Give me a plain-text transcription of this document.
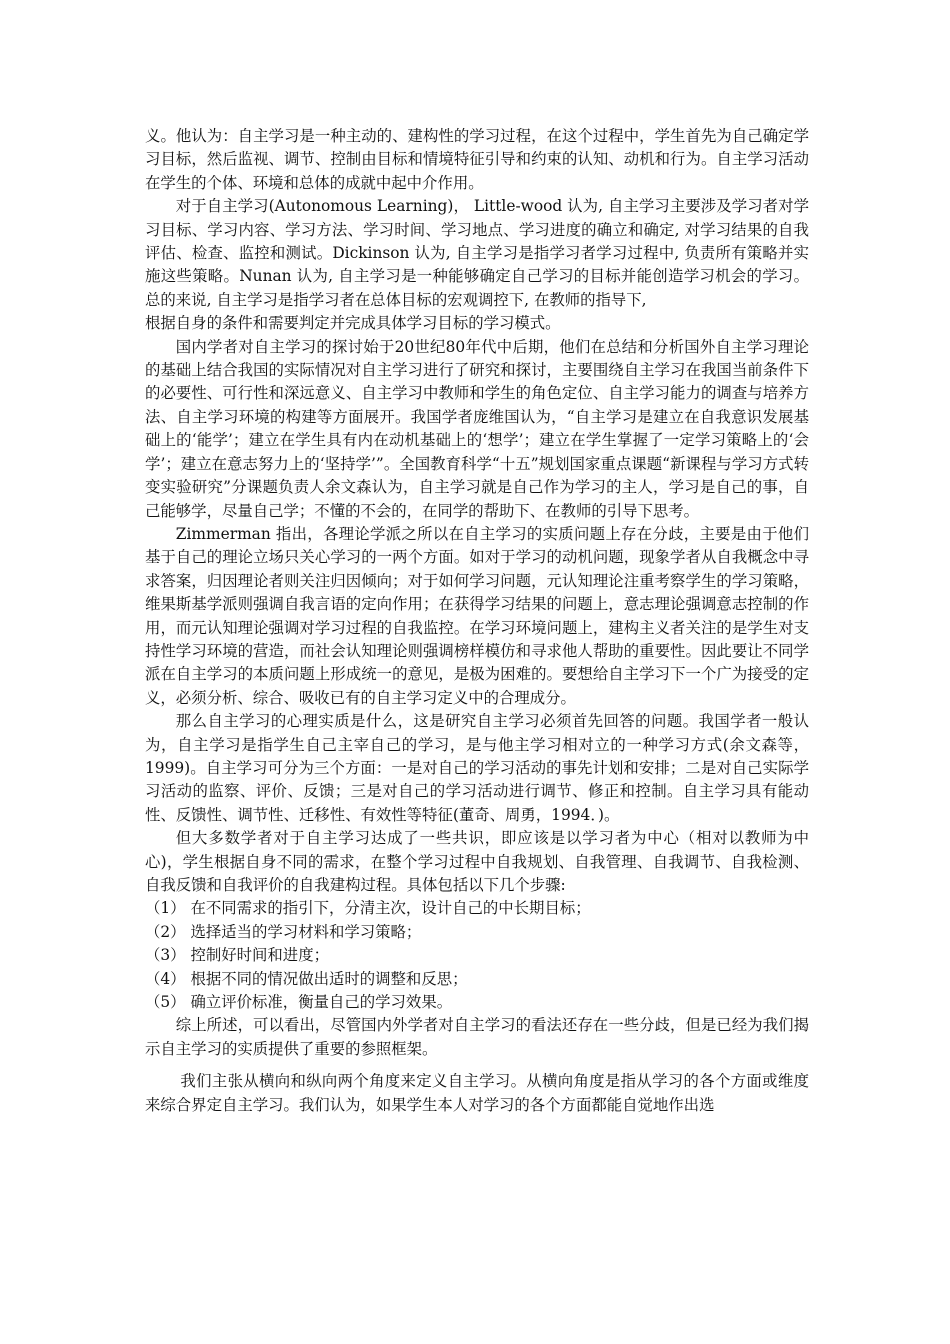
义。他认为：自主学习是一种主动的、建构性的学习过程，在这个过程中，学生首先为自己确定学习目标，然后监视、调节、控制由目标和情境特征引导和约束的认知、动机和行为。自主学习活动在学生的个体、环境和总体的成就中起中介作用。

对于自主学习(Autonomous Learning)， Little-wood 认为, 自主学习主要涉及学习者对学习目标、学习内容、学习方法、学习时间、学习地点、学习进度的确立和确定, 对学习结果的自我评估、检查、监控和测试。Dickinson 认为, 自主学习是指学习者学习过程中, 负责所有策略并实施这些策略。Nunan 认为, 自主学习是一种能够确定自己学习的目标并能创造学习机会的学习。总的来说, 自主学习是指学习者在总体目标的宏观调控下, 在教师的指导下,

根据自身的条件和需要判定并完成具体学习目标的学习模式。

国内学者对自主学习的探讨始于20世纪80年代中后期，他们在总结和分析国外自主学习理论的基础上结合我国的实际情况对自主学习进行了研究和探讨，主要围绕自主学习在我国当前条件下的必要性、可行性和深远意义、自主学习中教师和学生的角色定位、自主学习能力的调查与培养方法、自主学习环境的构建等方面展开。我国学者庞维国认为，“自主学习是建立在自我意识发展基础上的‘能学’；建立在学生具有内在动机基础上的‘想学’；建立在学生掌握了一定学习策略上的‘会学’；建立在意志努力上的‘坚持学’”。全国教育科学“十五”规划国家重点课题“新课程与学习方式转变实验研究”分课题负责人余文森认为，自主学习就是自己作为学习的主人，学习是自己的事，自己能够学，尽量自己学；不懂的不会的，在同学的帮助下、在教师的引导下思考。

Zimmerman 指出，各理论学派之所以在自主学习的实质问题上存在分歧，主要是由于他们基于自己的理论立场只关心学习的一两个方面。如对于学习的动机问题，现象学者从自我概念中寻求答案，归因理论者则关注归因倾向；对于如何学习问题，元认知理论注重考察学生的学习策略，维果斯基学派则强调自我言语的定向作用；在获得学习结果的问题上，意志理论强调意志控制的作用，而元认知理论强调对学习过程的自我监控。在学习环境问题上，建构主义者关注的是学生对支持性学习环境的营造，而社会认知理论则强调榜样模仿和寻求他人帮助的重要性。因此要让不同学派在自主学习的本质问题上形成统一的意见，是极为困难的。要想给自主学习下一个广为接受的定义，必须分析、综合、吸收已有的自主学习定义中的合理成分。

那么自主学习的心理实质是什么，这是研究自主学习必须首先回答的问题。我国学者一般认为，自主学习是指学生自己主宰自己的学习，是与他主学习相对立的一种学习方式(余文森等，1999)。自主学习可分为三个方面：一是对自己的学习活动的事先计划和安排；二是对自己实际学习活动的监察、评价、反馈；三是对自己的学习活动进行调节、修正和控制。自主学习具有能动性、反馈性、调节性、迁移性、有效性等特征(董奇、周勇，1994．)。

但大多数学者对于自主学习达成了一些共识，即应该是以学习者为中心（相对以教师为中心)，学生根据自身不同的需求，在整个学习过程中自我规划、自我管理、自我调节、自我检测、自我反馈和自我评价的自我建构过程。具体包括以下几个步骤:

（1） 在不同需求的指引下，分清主次，设计自己的中长期目标；

（2） 选择适当的学习材料和学习策略；

（3） 控制好时间和进度；

（4） 根据不同的情况做出适时的调整和反思；

（5） 确立评价标准，衡量自己的学习效果。

综上所述，可以看出，尽管国内外学者对自主学习的看法还存在一些分歧，但是已经为我们揭示自主学习的实质提供了重要的参照框架。

我们主张从横向和纵向两个角度来定义自主学习。从横向角度是指从学习的各个方面或维度来综合界定自主学习。我们认为，如果学生本人对学习的各个方面都能自觉地作出选
